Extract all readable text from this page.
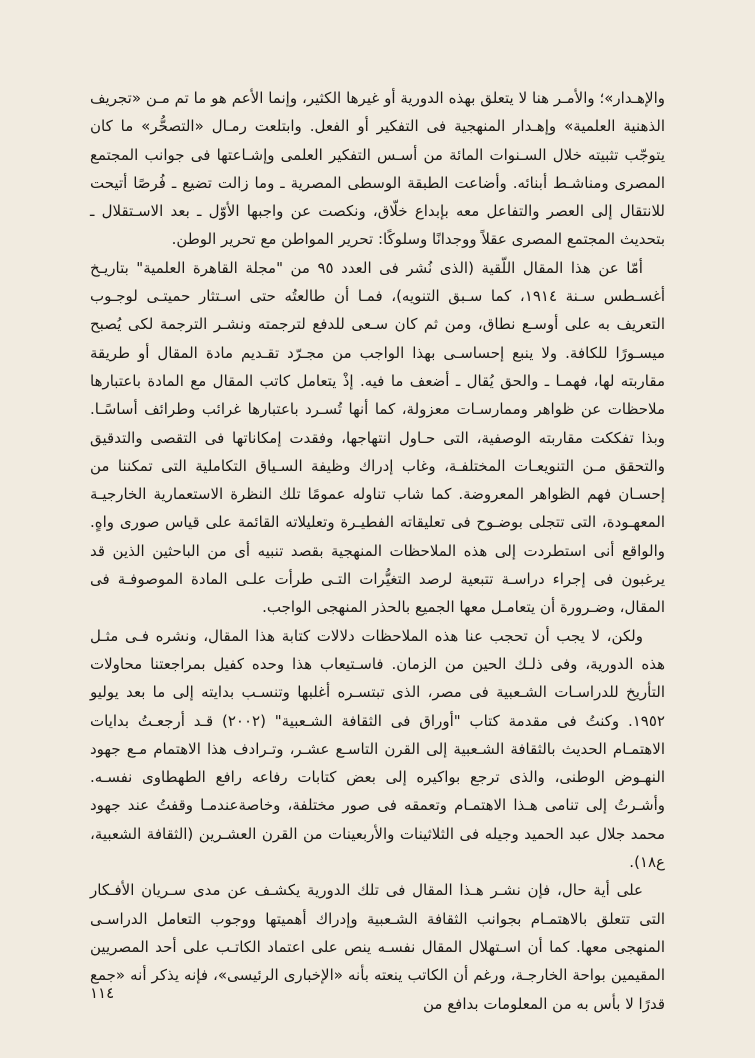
والإهـدار»؛ والأمـر هنا لا يتعلق بهذه الدورية أو غيرها الكثير، وإنما الأعم هو ما تم مـن «تجريف الذهنية العلمية» وإهـدار المنهجية فى التفكير أو الفعل. وابتلعت رمـال «التصحُّر» ما كان يتوجّب تثبيته خلال السـنوات المائة من أسـس التفكير العلمى وإشـاعتها فى جوانب المجتمع المصرى ومناشـط أبنائه. وأضاعت الطبقة الوسطى المصرية ـ وما زالت تضيع ـ فُرصًا أتيحت للانتقال إلى العصر والتفاعل معه بإبداع خلّاق، ونكصت عن واجبها الأوّل ـ بعد الاسـتقلال ـ بتحديث المجتمع المصرى عقلاً ووجدانًا وسلوكًا: تحرير المواطن مع تحرير الوطن.

أمّا عن هذا المقال اللّقية (الذى نُشر فى العدد ٩٥ من "مجلة القاهرة العلمية" بتاريـخ أغسـطس سـنة ١٩١٤، كما سـبق التنويه)، فمـا أن طالعتُه حتى اسـتثار حميتـى لوجـوب التعريف به على أوسـع نطاق، ومن ثم كان سـعى للدفع لترجمته ونشـر الترجمة لكى يُصبح ميسـورًا للكافة. ولا ينبع إحساسـى بهذا الواجب من مجـرّد تقـديم مادة المقال أو طريقة مقاربته لها، فهمـا ـ والحق يُقال ـ أضعف ما فيه. إذْ يتعامل كاتب المقال مع المادة باعتبارها ملاحظات عن ظواهر وممارسـات معزولة، كما أنها تُسـرد باعتبارها غرائب وطرائف أساسًـا. وبذا تفككت مقاربته الوصفية، التى حـاول انتهاجها، وفقدت إمكاناتها فى التقصى والتدقيق والتحقق مـن التنويعـات المختلفـة، وغاب إدراك وظيفة السـياق التكاملية التى تمكننا من إحسـان فهم الظواهر المعروضة. كما شاب تناوله عمومًا تلك النظرة الاستعمارية الخارجيـة المعهـودة، التى تتجلى بوضـوح فى تعليقاته الفطيـرة وتعليلاته القائمة على قياس صورى واهٍ. والواقع أنى استطردت إلى هذه الملاحظات المنهجية بقصد تنبيه أى من الباحثين الذين قد يرغبون فى إجراء دراسـة تتبعية لرصد التغيُّرات التـى طرأت علـى المادة الموصوفـة فى المقال، وضـرورة أن يتعامـل معها الجميع بالحذر المنهجى الواجب.

ولكن، لا يجب أن تحجب عنا هذه الملاحظات دلالات كتابة هذا المقال، ونشره فـى مثـل هذه الدورية، وفى ذلـك الحين من الزمان. فاسـتيعاب هذا وحده كفيل بمراجعتنا محاولات التأريخ للدراسـات الشـعبية فى مصر، الذى تبتسـره أغلبها وتنسـب بدايته إلى ما بعد يوليو ١٩٥٢. وكنتُ فى مقدمة كتاب "أوراق فى الثقافة الشـعبية" (٢٠٠٢) قـد أرجعـتُ بدايات الاهتمـام الحديث بالثقافة الشـعبية إلى القرن التاسـع عشـر، وتـرادف هذا الاهتمام مـع جهود النهـوض الوطنى، والذى ترجع بواكيره إلى بعض كتابات رفاعه رافع الطهطاوى نفسـه. وأشـرتُ إلى تنامى هـذا الاهتمـام وتعمقه فى صور مختلفة، وخاصةعندمـا وقفتُ عند جهود محمد جلال عبد الحميد وجيله فى الثلاثينات والأربعينات من القرن العشـرين (الثقافة الشعبية، ع١٨).

على أية حال، فإن نشـر هـذا المقال فى تلك الدورية يكشـف عن مدى سـريان الأفـكار التى تتعلق بالاهتمـام بجوانب الثقافة الشـعبية وإدراك أهميتها ووجوب التعامل الدراسـى المنهجى معها. كما أن اسـتهلال المقال نفسـه ينص على اعتماد الكاتـب على أحد المصريين المقيمين بواحة الخارجـة، ورغم أن الكاتب ينعته بأنه «الإخبارى الرئيسى»، فإنه يذكر أنه «جمع قدرًا لا بأس به من المعلومات بدافع من

١١٤
